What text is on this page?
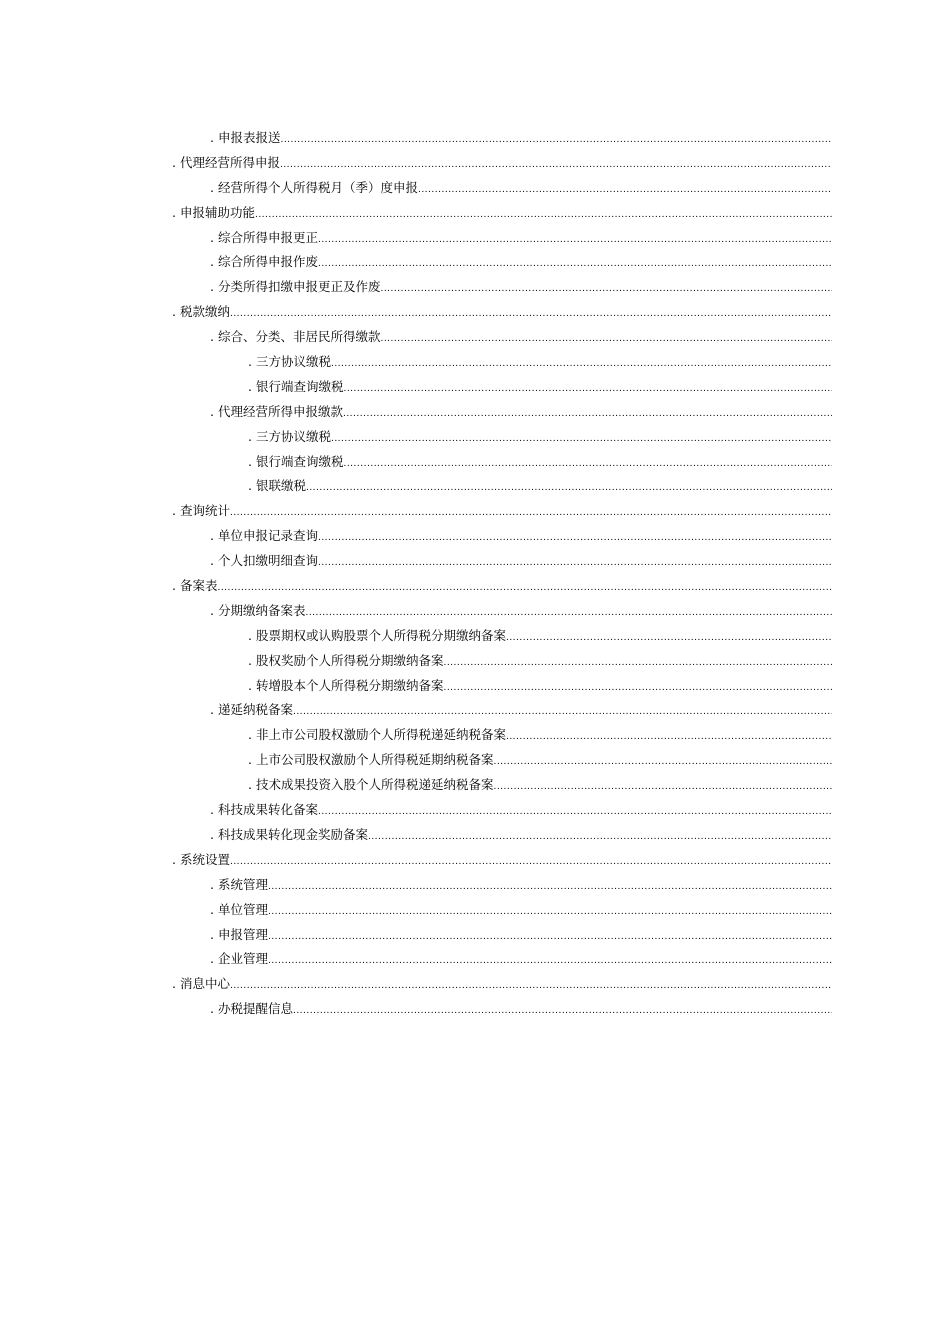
. 申报表报送
.....
. 代理经营所得申报
.....
. 经营所得个人所得税月（季）度申报
.....
. 申报辅助功能
.....
. 综合所得申报更正
.....
. 综合所得申报作废
.....
. 分类所得扣缴申报更正及作废
.....
. 税款缴纳
.....
. 综合、分类、非居民所得缴款
.....
. 三方协议缴税
.....
. 银行端查询缴税
.....
. 代理经营所得申报缴款
.....
. 三方协议缴税
.....
. 银行端查询缴税
.....
. 银联缴税
.....
. 查询统计
.....
. 单位申报记录查询
.....
. 个人扣缴明细查询
.....
. 备案表
.....
. 分期缴纳备案表
.....
. 股票期权或认购股票个人所得税分期缴纳备案
.....
. 股权奖励个人所得税分期缴纳备案
.....
. 转增股本个人所得税分期缴纳备案
.....
. 递延纳税备案
.....
. 非上市公司股权激励个人所得税递延纳税备案
.....
. 上市公司股权激励个人所得税延期纳税备案
.....
. 技术成果投资入股个人所得税递延纳税备案
.....
. 科技成果转化备案
.....
. 科技成果转化现金奖励备案
.....
. 系统设置
.....
. 系统管理
.....
. 单位管理
.....
. 申报管理
.....
. 企业管理
.....
. 消息中心
.....
. 办税提醒信息
.....
